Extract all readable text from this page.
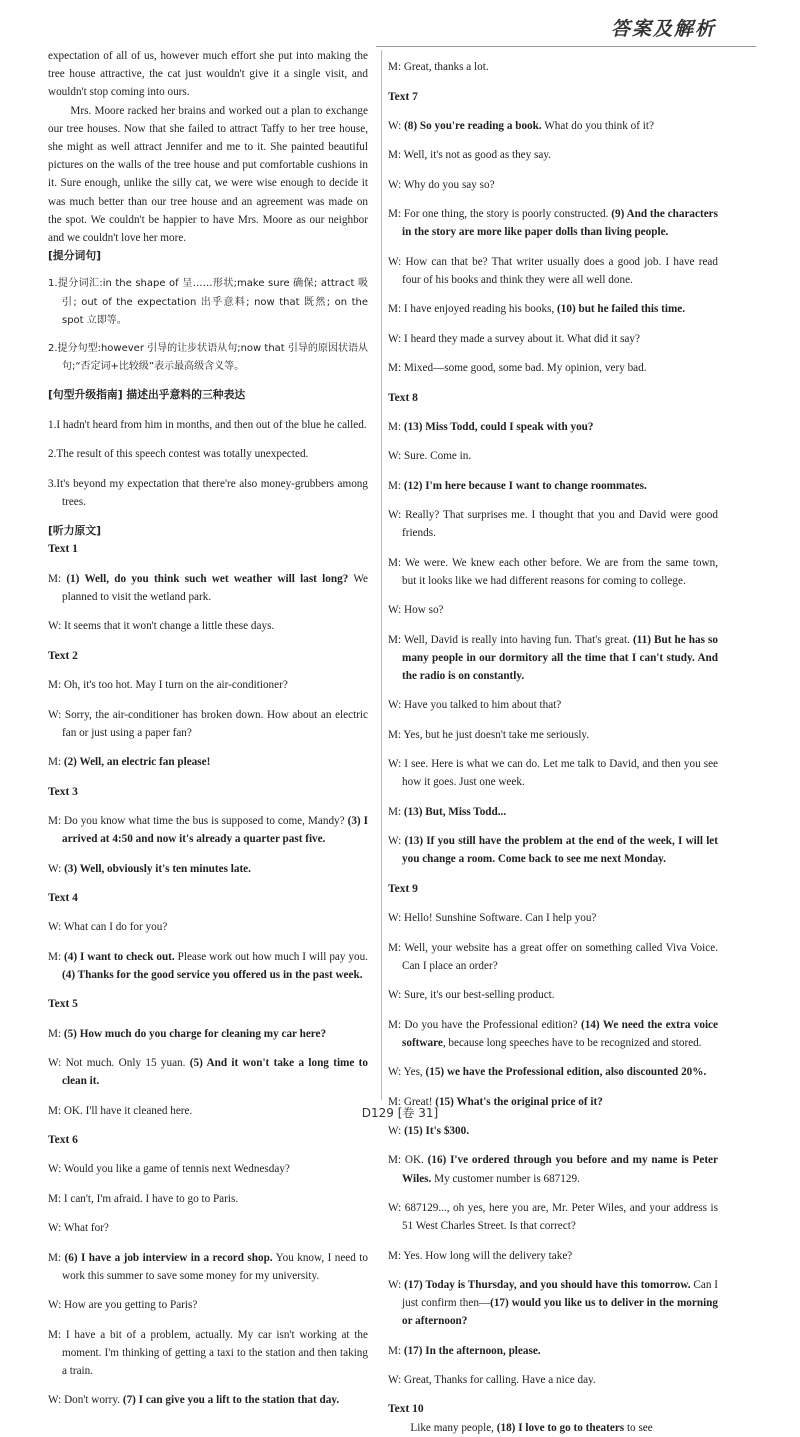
答案及解析

expectation of all of us, however much effort she put into making the tree house attractive, the cat just wouldn't give it a single visit, and wouldn't stop coming into ours.

Mrs. Moore racked her brains and worked out a plan to exchange our tree houses. Now that she failed to attract Taffy to her tree house, she might as well attract Jennifer and me to it. She painted beautiful pictures on the walls of the tree house and put comfortable cushions in it. Sure enough, unlike the silly cat, we were wise enough to decide it was much better than our tree house and an agreement was made on the spot. We couldn't be happier to have Mrs. Moore as our neighbor and we couldn't love her more.

[提分词句]

1.提分词汇:in the shape of 呈……形状;make sure 确保; attract 吸引; out of the expectation 出乎意料; now that 既然; on the spot 立即等。

2.提分句型:however 引导的让步状语从句;now that 引导的原因状语从句;“否定词+比较级”表示最高级含义等。

[句型升级指南] 描述出乎意料的三种表达

1.I hadn't heard from him in months, and then out of the blue he called.

2.The result of this speech contest was totally unexpected.

3.It's beyond my expectation that there're also money-grubbers among trees.

[听力原文]

Text 1

M: (1) Well, do you think such wet weather will last long? We planned to visit the wetland park.

W: It seems that it won't change a little these days.

Text 2

M: Oh, it's too hot. May I turn on the air-conditioner?

W: Sorry, the air-conditioner has broken down. How about an electric fan or just using a paper fan?

M: (2) Well, an electric fan please!

Text 3

M: Do you know what time the bus is supposed to come, Mandy? (3) I arrived at 4:50 and now it's already a quarter past five.

W: (3) Well, obviously it's ten minutes late.

Text 4

W: What can I do for you?

M: (4) I want to check out. Please work out how much I will pay you. (4) Thanks for the good service you offered us in the past week.

Text 5

M: (5) How much do you charge for cleaning my car here?

W: Not much. Only 15 yuan. (5) And it won't take a long time to clean it.

M: OK. I'll have it cleaned here.

Text 6

W: Would you like a game of tennis next Wednesday?

M: I can't, I'm afraid. I have to go to Paris.

W: What for?

M: (6) I have a job interview in a record shop. You know, I need to work this summer to save some money for my university.

W: How are you getting to Paris?

M: I have a bit of a problem, actually. My car isn't working at the moment. I'm thinking of getting a taxi to the station and then taking a train.

W: Don't worry. (7) I can give you a lift to the station that day.

M: Great, thanks a lot.

Text 7

W: (8) So you're reading a book. What do you think of it?

M: Well, it's not as good as they say.

W: Why do you say so?

M: For one thing, the story is poorly constructed. (9) And the characters in the story are more like paper dolls than living people.

W: How can that be? That writer usually does a good job. I have read four of his books and think they were all well done.

M: I have enjoyed reading his books, (10) but he failed this time.

W: I heard they made a survey about it. What did it say?

M: Mixed—some good, some bad. My opinion, very bad.

Text 8

M: (13) Miss Todd, could I speak with you?

W: Sure. Come in.

M: (12) I'm here because I want to change roommates.

W: Really? That surprises me. I thought that you and David were good friends.

M: We were. We knew each other before. We are from the same town, but it looks like we had different reasons for coming to college.

W: How so?

M: Well, David is really into having fun. That's great. (11) But he has so many people in our dormitory all the time that I can't study. And the radio is on constantly.

W: Have you talked to him about that?

M: Yes, but he just doesn't take me seriously.

W: I see. Here is what we can do. Let me talk to David, and then you see how it goes. Just one week.

M: (13) But, Miss Todd...

W: (13) If you still have the problem at the end of the week, I will let you change a room. Come back to see me next Monday.

Text 9

W: Hello! Sunshine Software. Can I help you?

M: Well, your website has a great offer on something called Viva Voice. Can I place an order?

W: Sure, it's our best-selling product.

M: Do you have the Professional edition? (14) We need the extra voice software, because long speeches have to be recognized and stored.

W: Yes, (15) we have the Professional edition, also discounted 20%.

M: Great! (15) What's the original price of it?

W: (15) It's $300.

M: OK. (16) I've ordered through you before and my name is Peter Wiles. My customer number is 687129.

W: 687129..., oh yes, here you are, Mr. Peter Wiles, and your address is 51 West Charles Street. Is that correct?

M: Yes. How long will the delivery take?

W: (17) Today is Thursday, and you should have this tomorrow. Can I just confirm then—(17) would you like us to deliver in the morning or afternoon?

M: (17) In the afternoon, please.

W: Great, Thanks for calling. Have a nice day.

Text 10

Like many people, (18) I love to go to theaters to see

D129 [卷 31]
